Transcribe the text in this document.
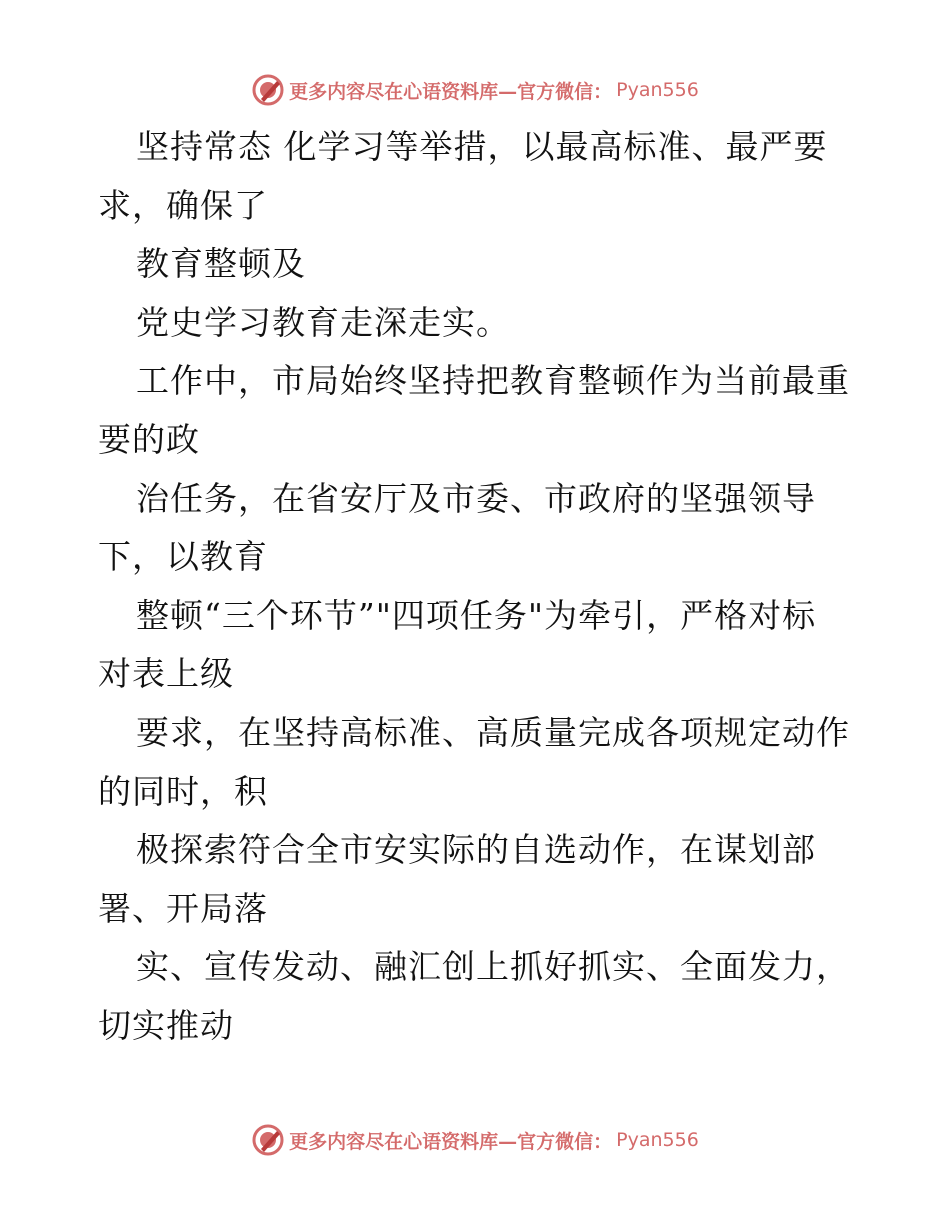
更多内容尽在心语资料库—官方微信： Pyan556
坚持常态 化学习等举措，以最高标准、最严要
求，确保了
教育整顿及
党史学习教育走深走实。
工作中，市局始终坚持把教育整顿作为当前最重
要的政
治任务，在省安厅及市委、市政府的坚强领导
下，以教育
整顿“三个环节”"四项任务"为牵引，严格对标
对表上级
要求，在坚持高标准、高质量完成各项规定动作
的同时，积
极探索符合全市安实际的自选动作，在谋划部
署、开局落
实、宣传发动、融汇创上抓好抓实、全面发力，
切实推动
更多内容尽在心语资料库—官方微信： Pyan556
